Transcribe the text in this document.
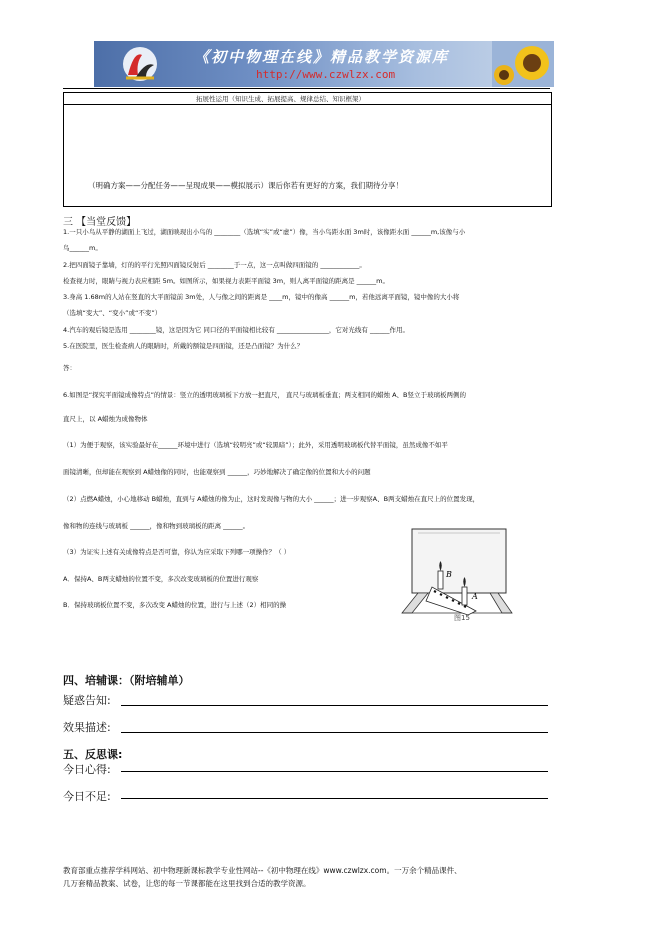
《初中物理在线》精品教学资源库
http://www.czwlzx.com
拓展性运用（知识生成、拓展提高、规律总结、知识框架）
（明确方案——分配任务——呈现成果——模拟展示）课后你若有更好的方案，我们期待分享！
三 【当堂反馈】
1.一只小鸟从平静的湖面上飞过，湖面映现出小鸟的 ________（选填“实”或“虚”）像，当小鸟距水面 3m时，该像距水面 ______m,该像与小
鸟______m。
2.把四面镜子靠墙，灯的的平行光照四面镜反射后 ________于一点，这一点叫做四面镜的 ____________。
检查视力时，眼睛与视力表应相距 5m。如图所示，如果视力表距平面镜 3m，则人离平面镜的距离是 ______m。
3.身高 1.68m的人站在竖直的大平面镜前 3m处，人与像之间的距离是 ____m，镜中的像高 ______m，若他远离平面镜，镜中像的大小将
（选填“变大”、“变小”或“不变”）
4.汽车的观后镜是选用 ________镜，这是因为它 同口径的平面镜相比较有 ________________，它对光线有 ______作用。
5.在医院里，医生检查病人的眼睛时，所戴的额镜是四面镜，还是凸面镜？为什么？
答：
6.如图是“探究平面镜成像特点”的情景：竖立的透明玻璃板下方放一把直尺， 直尺与玻璃板垂直；两支相同的蜡烛 A、B竖立于玻璃板两侧的
直尺上，以 A蜡烛为成像物体
（1）为便于观察，该实验最好在______环境中进行（选填“较明亮”或“较黑暗”）；此外，采用透明玻璃板代替平面镜，虽然成像不如平
面镜清晰，但却能在观察到 A蜡烛像的同时，也能观察到 ______，巧妙地解决了确定像的位置和大小的问题
（2）点燃A蜡烛，小心地移动 B蜡烛，直到与 A蜡烛的像为止，这时发现像与物的大小 ______；进一步观察A、B两支蜡烛在直尺上的位置发现，
像和物的连线与玻璃板 ______，像和物到玻璃板的距离 ______。
（3）为证实上述有关成像特点是否可靠，你认为应采取下列哪一项操作？（ ）
A．保持A、B两支蜡烛的位置不变，多次改变玻璃板的位置进行观察
B．保持玻璃板位置不变，多次改变 A蜡烛的位置，进行与上述（2）相同的操
B
A
图15
四、培辅课：（附培辅单）
疑惑告知:
效果描述:
五、反思课:
今日心得:
今日不足:
教育部重点推荐学科网站、初中物理新课标教学专业性网站--《初中物理在线》www.czwlzx.com。一万余个精品课件、
几万套精品教案、试卷，让您的每一节课都能在这里找到合适的教学资源。
